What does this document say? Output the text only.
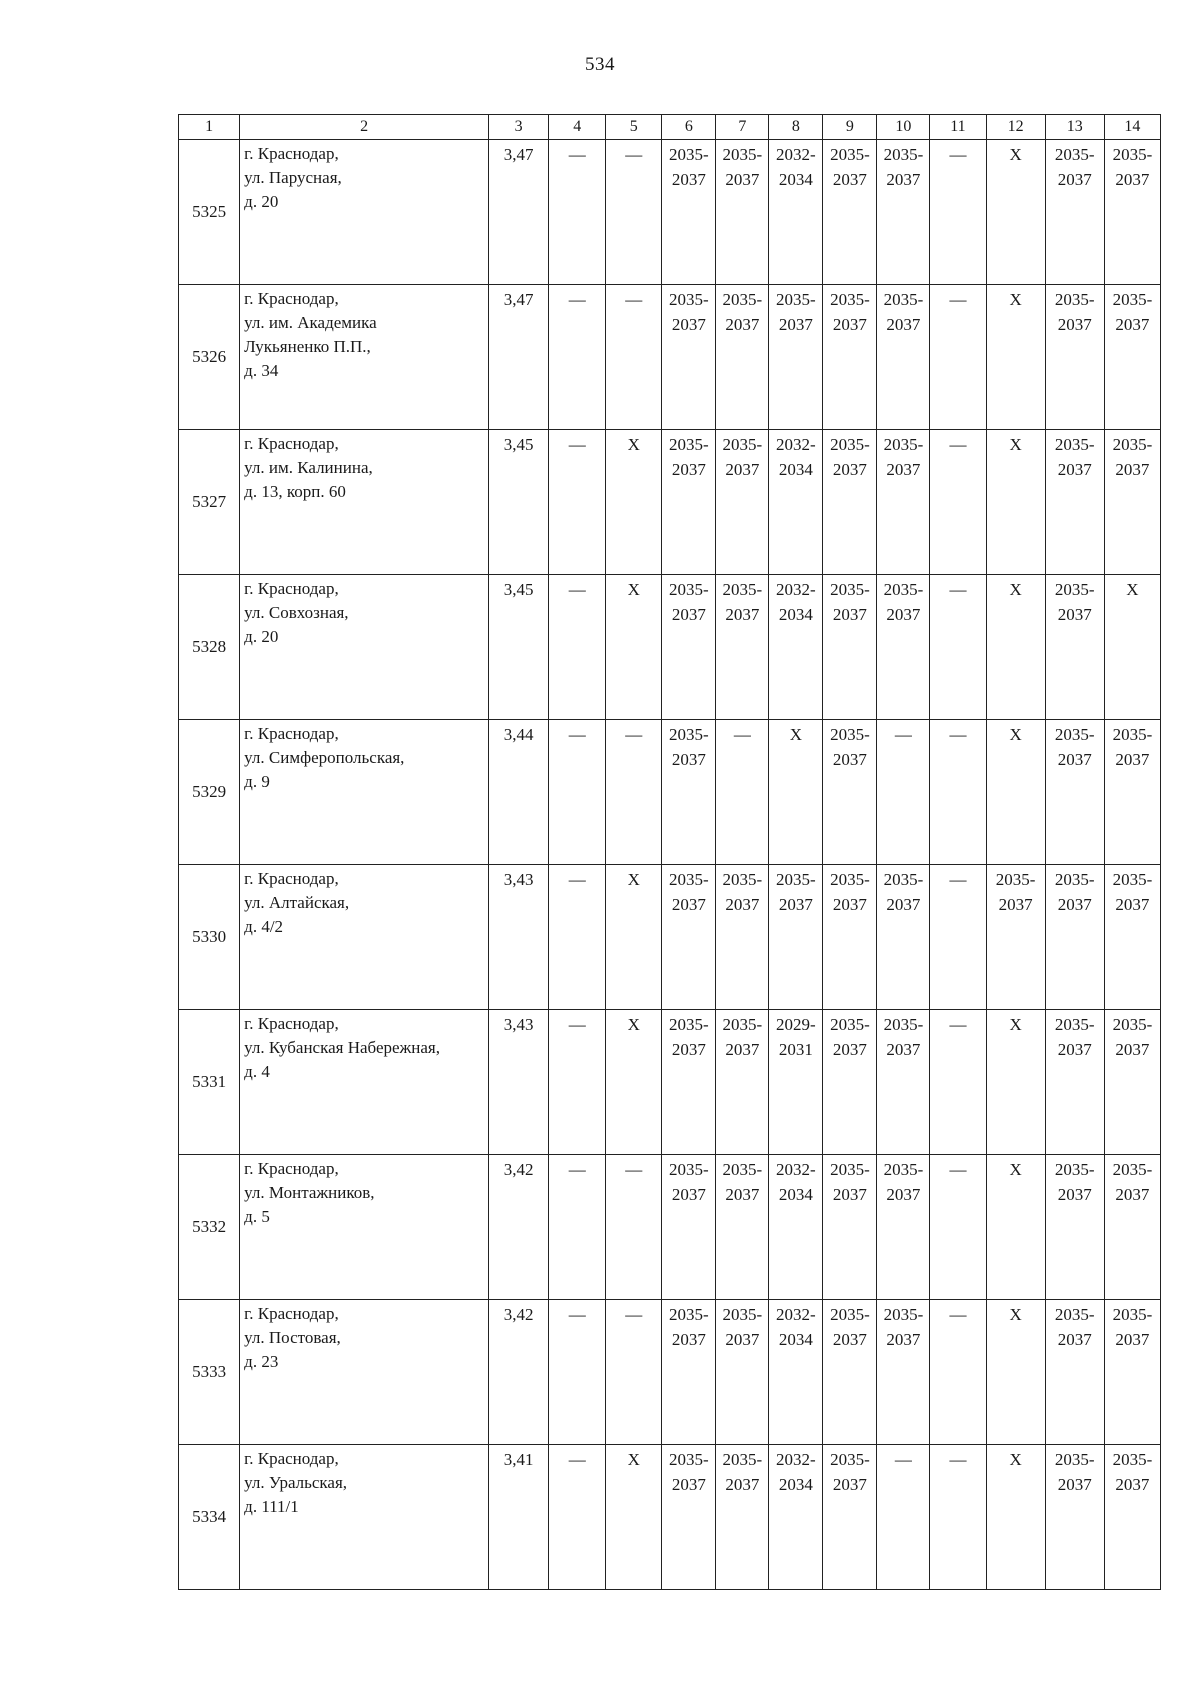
534
1	2	3	4	5	6	7	8	9	10	11	12	13	14
5325	г. Краснодар,
ул. Парусная,
д. 20	3,47	—	—	2035-
2037	2035-
2037	2032-
2034	2035-
2037	2035-
2037	—	Х	2035-
2037	2035-
2037

5326	г. Краснодар,
ул. им. Академика
Лукьяненко П.П.,
д. 34	3,47	—	—	2035-
2037	2035-
2037	2035-
2037	2035-
2037	2035-
2037	—	Х	2035-
2037	2035-
2037

5327	г. Краснодар,
ул. им. Калинина,
д. 13, корп. 60	3,45	—	Х	2035-
2037	2035-
2037	2032-
2034	2035-
2037	2035-
2037	—	Х	2035-
2037	2035-
2037

5328	г. Краснодар,
ул. Совхозная,
д. 20	3,45	—	Х	2035-
2037	2035-
2037	2032-
2034	2035-
2037	2035-
2037	—	Х	2035-
2037	Х
5329	г. Краснодар,
ул. Симферопольская,
д. 9	3,44	—	—	2035-
2037	—	Х	2035-
2037	—	—	Х	2035-
2037	2035-
2037

5330	г. Краснодар,
ул. Алтайская,
д. 4/2	3,43	—	Х	2035-
2037	2035-
2037	2035-
2037	2035-
2037	2035-
2037	—	2035-
2037	2035-
2037	2035-
2037

5331	г. Краснодар,
ул. Кубанская Набережная,
д. 4	3,43	—	Х	2035-
2037	2035-
2037	2029-
2031	2035-
2037	2035-
2037	—	Х	2035-
2037	2035-
2037

5332	г. Краснодар,
ул. Монтажников,
д. 5	3,42	—	—	2035-
2037	2035-
2037	2032-
2034	2035-
2037	2035-
2037	—	Х	2035-
2037	2035-
2037

5333	г. Краснодар,
ул. Постовая,
д. 23	3,42	—	—	2035-
2037	2035-
2037	2032-
2034	2035-
2037	2035-
2037	—	Х	2035-
2037	2035-
2037

5334	г. Краснодар,
ул. Уральская,
д. 111/1	3,41	—	Х	2035-
2037	2035-
2037	2032-
2034	2035-
2037	—	—	Х	2035-
2037	2035-
2037
